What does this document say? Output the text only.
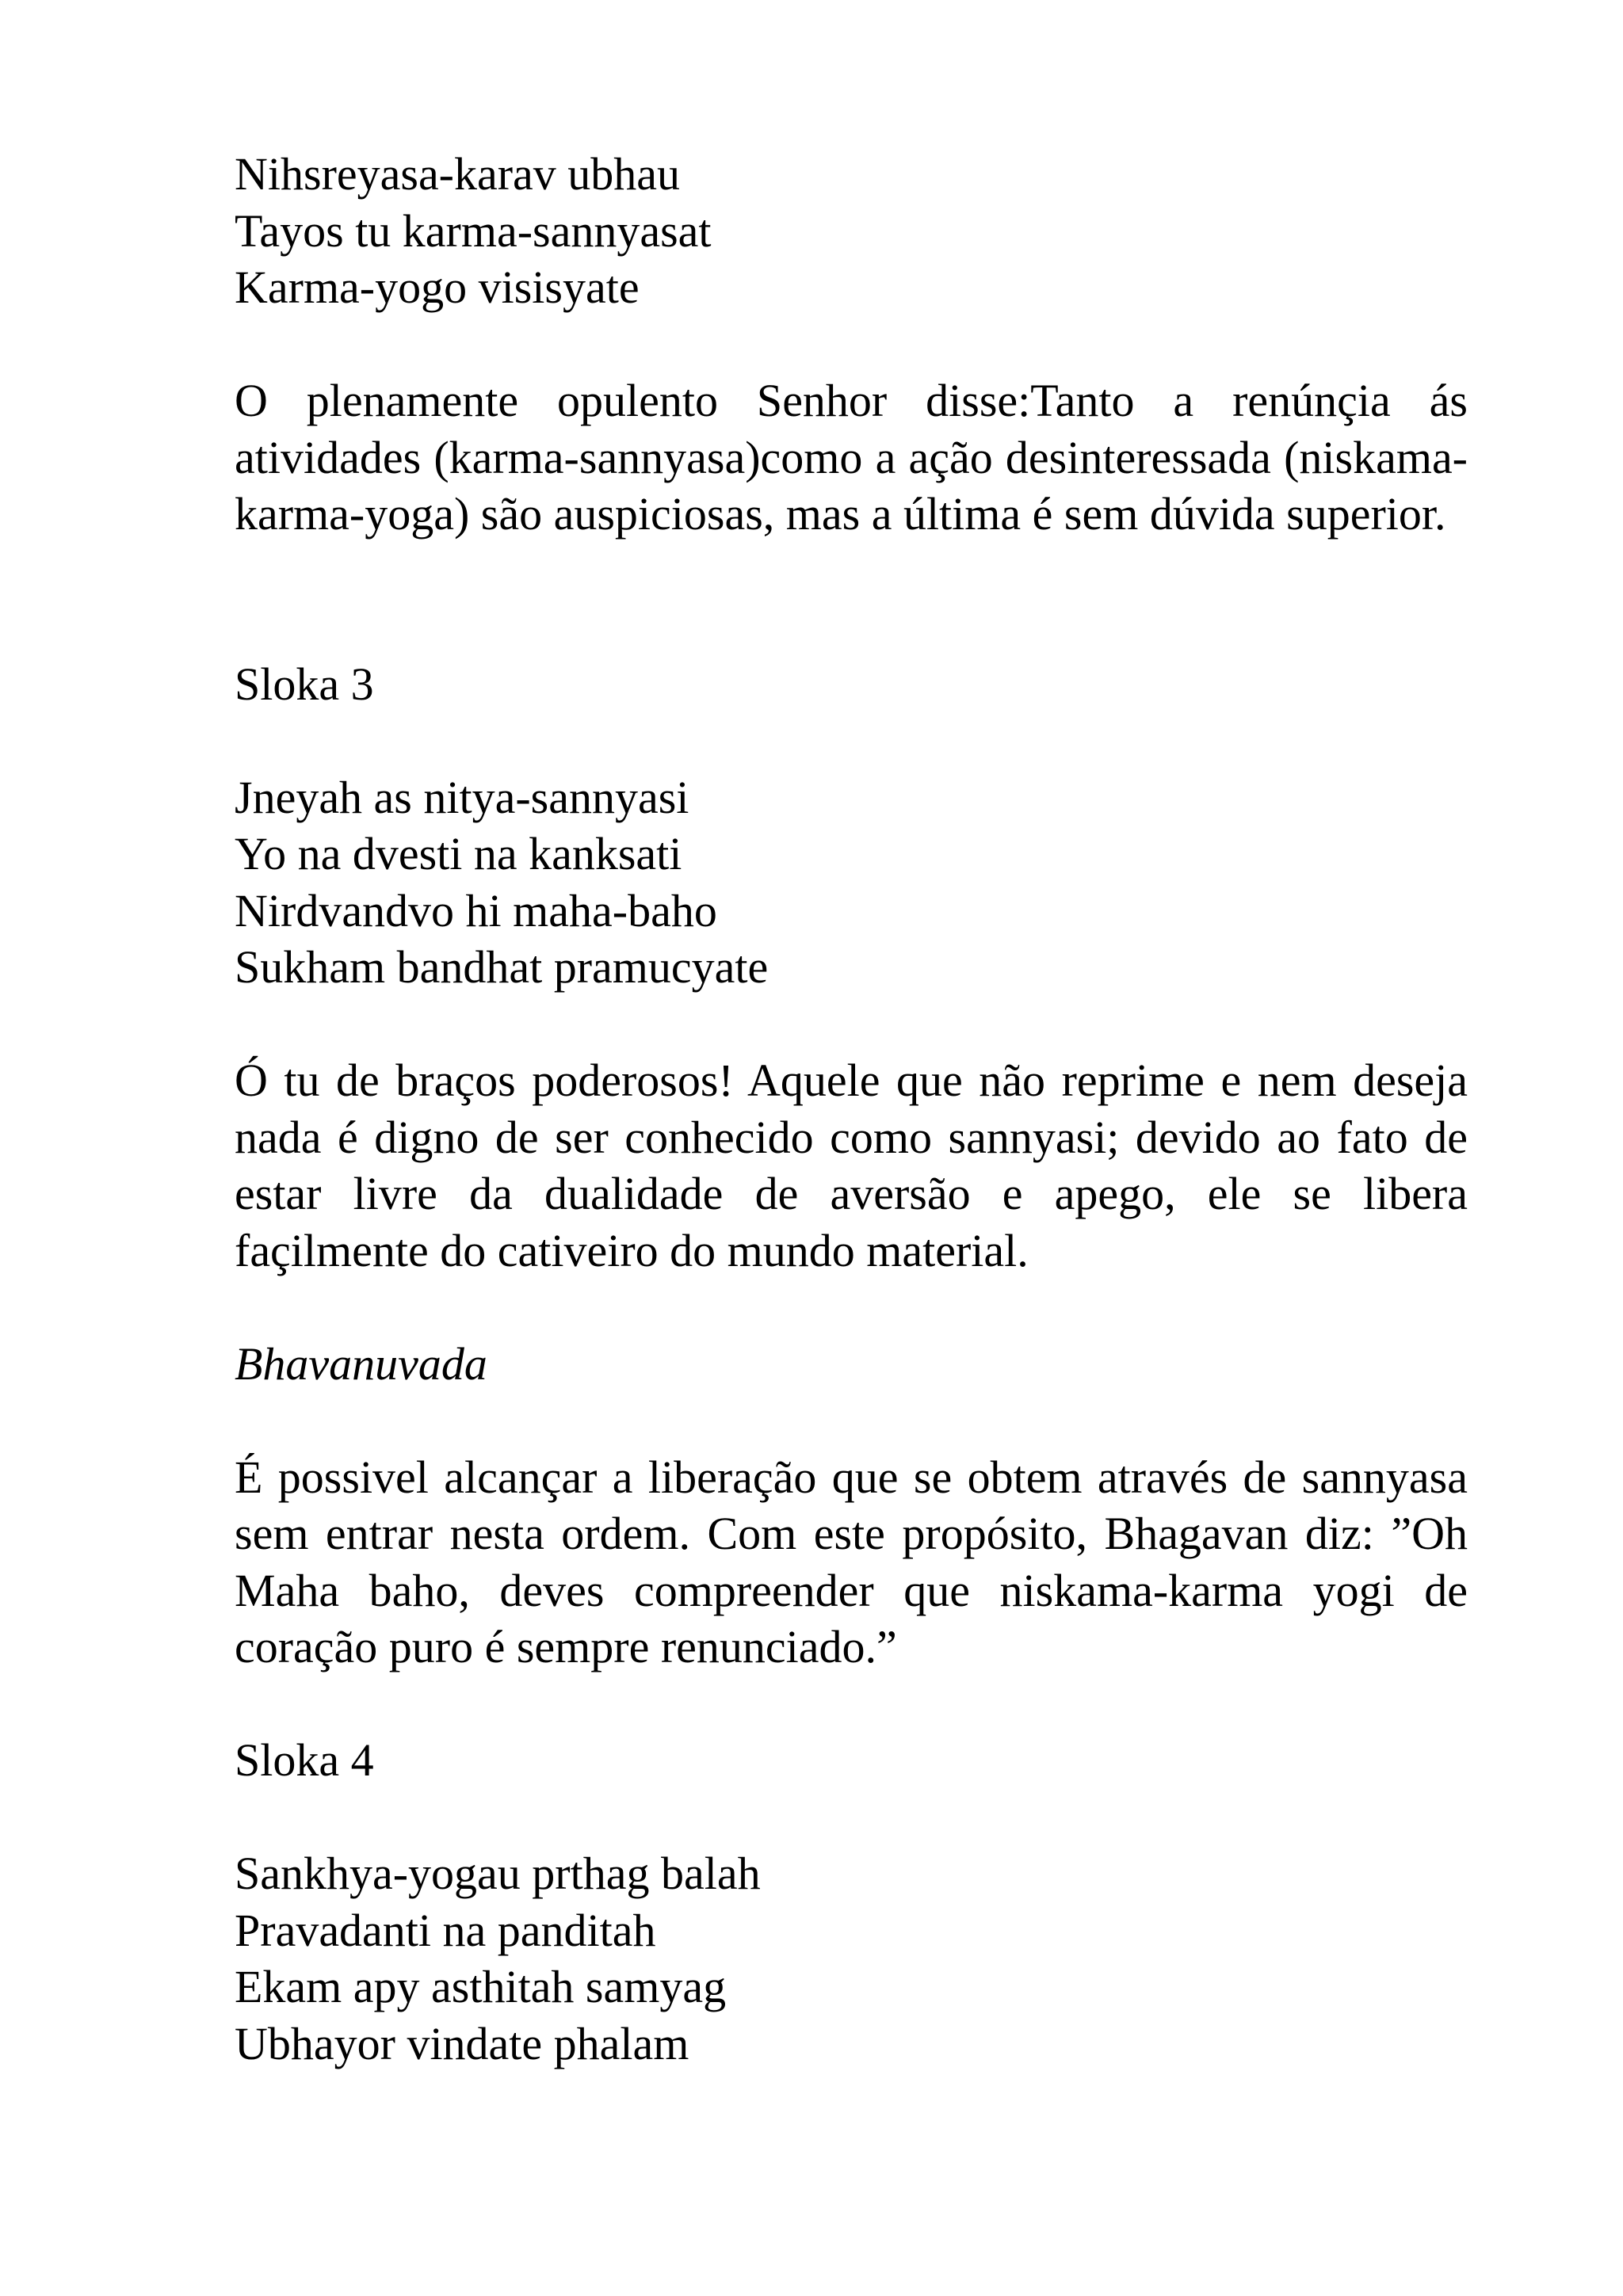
Nihsreyasa-karav ubhau
Tayos tu karma-sannyasat
Karma-yogo visisyate

O plenamente opulento Senhor disse:Tanto a renúnçia ás atividades (karma-sannyasa)como a ação desinteressada (niskama-karma-yoga) são auspiciosas, mas a última é sem dúvida superior.

Sloka 3
Jneyah as nitya-sannyasi
Yo na dvesti na kanksati
Nirdvandvo hi maha-baho
Sukham bandhat pramucyate

Ó tu de braços poderosos! Aquele que não reprime e nem deseja nada é digno de ser conhecido como sannyasi; devido ao fato de estar livre da dualidade de aversão e apego, ele se libera façilmente do cativeiro do mundo material.

Bhavanuvada

É possivel alcançar a liberação que se obtem através de sannyasa sem entrar nesta ordem. Com este propósito, Bhagavan diz: ”Oh Maha baho, deves compreender que niskama-karma yogi de coração puro é sempre renunciado.”

Sloka 4
Sankhya-yogau prthag balah
Pravadanti na panditah
Ekam apy asthitah samyag
Ubhayor vindate phalam
